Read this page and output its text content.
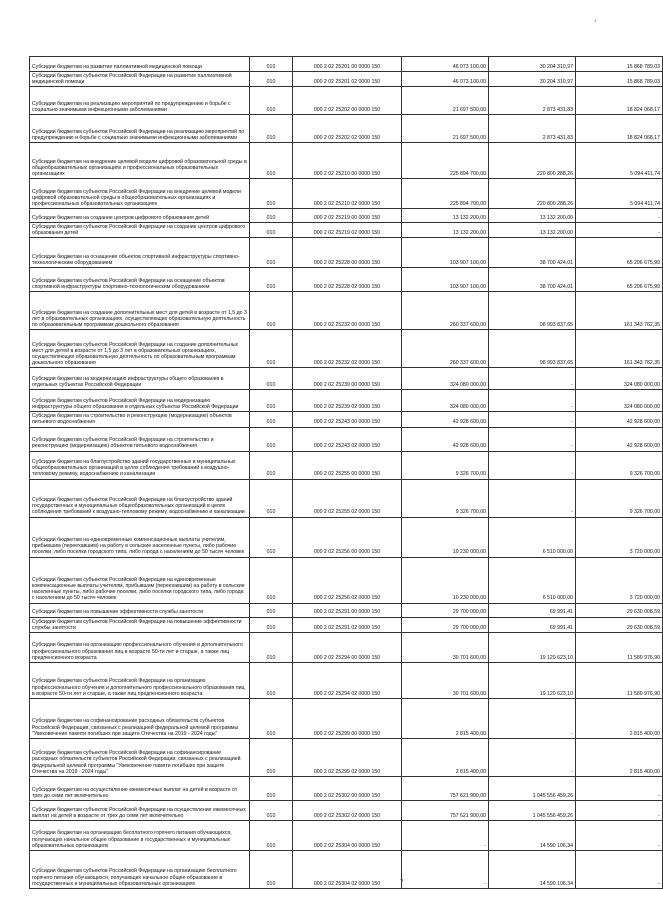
,
Субсидии бюджетам на развитие паллиативной медицинской помощи	010	000 2 02 25201 00 0000 150	46 073 100,00	30 204 310,97	15 868 789,03
Субсидии бюджетам субъектов Российской Федерации на развитие паллиативной медицинской помощи	010	000 2 02 25201 02 0000 150	46 073 100,00	30 204 310,97	15 868 789,03
Субсидии бюджетам на реализацию мероприятий по предупреждению и борьбе с социально значимыми инфекционными заболеваниями	010	000 2 02 25202 00 0000 150	21 697 500,00	2 873 431,83	18 824 068,17
Субсидии бюджетам субъектов Российской Федерации на реализацию мероприятий по предупреждению и борьбе с социально значимыми инфекционными заболеваниями	010	000 2 02 25202 02 0000 150	21 697 500,00	2 873 431,83	18 824 068,17
Субсидии бюджетам на внедрение целевой модели цифровой образовательной среды в общеобразовательных организациях и профессиональных образовательных организациях	010	000 2 02 25210 00 0000 150	225 894 700,00	220 800 288,26	5 094 411,74
Субсидии бюджетам субъектов Российской Федерации на внедрение целевой модели цифровой образовательной среды в общеобразовательных организациях и профессиональных образовательных организациях	010	000 2 02 25210 02 0000 150	225 894 700,00	220 800 288,26	5 094 411,74
Субсидии бюджетам на создание центров цифрового образования детей	010	000 2 02 25219 00 0000 150	13 132 200,00	13 132 200,00	-
Субсидии бюджетам субъектов Российской Федерации на создание центров цифрового образования детей	010	000 2 02 25219 02 0000 150	13 132 200,00	13 132 200,00	-
Субсидии бюджетам на оснащение объектов спортивной инфраструктуры спортивно-технологическим оборудованием	010	000 2 02 25228 00 0000 150	103 907 100,00	38 700 424,01	65 206 675,99
Субсидии бюджетам субъектов Российской Федерации на оснащение объектов спортивной инфраструктуры спортивно-технологическим оборудованием	010	000 2 02 25228 02 0000 150	103 907 100,00	38 700 424,01	65 206 675,99
Субсидии бюджетам на создание дополнительных мест для детей в возрасте от 1,5 до 3 лет в образовательных организациях, осуществляющих образовательную деятельность по образовательным программам дошкольного образования	010	000 2 02 25232 00 0000 150	260 337 600,00	98 993 837,65	161 343 762,35
Субсидии бюджетам субъектов Российской Федерации на создание дополнительных мест для детей в возрасте от 1,5 до 3 лет в образовательных организациях, осуществляющих образовательную деятельность по образовательным программам дошкольного образования	010	000 2 02 25232 02 0000 150	260 337 600,00	98 993 837,65	161 343 762,35
Субсидии бюджетам на модернизацию инфраструктуры общего образования в отдельных субъектах Российской Федерации	010	000 2 02 25239 00 0000 150	324 080 000,00	-	324 080 000,00
Субсидии бюджетам субъектов Российской Федерации на модернизацию инфраструктуры общего образования в отдельных субъектах Российской Федерации	010	000 2 02 25239 02 0000 150	324 080 000,00	-	324 080 000,00
Субсидии бюджетам на строительство и реконструкцию (модернизацию) объектов питьевого водоснабжения	010	000 2 02 25243 00 0000 150	42 928 600,00	-	42 928 600,00
Субсидии бюджетам субъектов Российской Федерации на строительство и реконструкцию (модернизацию) объектов питьевого водоснабжения	010	000 2 02 25243 02 0000 150	42 928 600,00	-	42 928 600,00
Субсидии бюджетам на благоустройство зданий государственных и муниципальных общеобразовательных организаций в целях соблюдения требований к воздушно-тепловому режиму, водоснабжению и канализации	010	000 2 02 25255 00 0000 150	9 326 700,00	-	9 326 700,00
Субсидии бюджетам субъектов Российской Федерации на благоустройство зданий государственных и муниципальных общеобразовательных организаций в целях соблюдения требований к воздушно-тепловому режиму, водоснабжению и канализации	010	000 2 02 25255 02 0000 150	9 326 700,00	-	9 326 700,00
Субсидии бюджетам на единовременные компенсационные выплаты учителям, прибывшим (переехавшим) на работу в сельские населенные пункты, либо рабочие поселки, либо поселки городского типа, либо города с населением до 50 тысяч человек	010	000 2 02 25256 00 0000 150	10 230 000,00	6 510 000,00	3 720 000,00
Субсидии бюджетам субъектов Российской Федерации на единовременные компенсационные выплаты учителям, прибывшим (переехавшим) на работу в сельские населенные пункты, либо рабочие поселки, либо поселки городского типа, либо города с населением до 50 тысяч человек	010	000 2 02 25256 02 0000 150	10 230 000,00	6 510 000,00	3 720 000,00
Субсидии бюджетам на повышение эффективности службы занятости	010	000 2 02 25291 00 0000 150	29 700 000,00	69 991,41	29 630 008,59
Субсидии бюджетам субъектов Российской Федерации на повышение эффективности службы занятости	010	000 2 02 25291 02 0000 150	29 700 000,00	69 991,41	29 630 008,59
Субсидии бюджетам на организацию профессионального обучения и дополнительного профессионального образования лиц в возрасте 50-ти лет и старше, а также лиц предпенсионного возраста	010	000 2 02 25294 00 0000 150	30 701 600,00	19 120 623,10	11 580 976,90
Субсидии бюджетам субъектов Российской Федерации на организацию профессионального обучения и дополнительного профессионального образования лиц в возрасте 50-ти лет и старше, а также лиц предпенсионного возраста	010	000 2 02 25294 02 0000 150	30 701 600,00	19 120 623,10	11 580 976,90
Субсидии бюджетам на софинансирование расходных обязательств субъектов Российской Федерации, связанных с реализацией федеральной целевой программы "Увековечение памяти погибших при защите Отечества на 2019 - 2024 годы"	010	000 2 02 25299 00 0000 150	2 815 400,00	-	2 815 400,00
Субсидии бюджетам субъектов Российской Федерации на софинансирование расходных обязательств субъектов Российской Федерации, связанных с реализацией федеральной целевой программы "Увековечение памяти погибших при защите Отечества на 2019 - 2024 годы"	010	000 2 02 25299 02 0000 150	2 815 400,00	-	2 815 400,00
Субсидии бюджетам на осуществление ежемесячных выплат на детей в возрасте от трех до семи лет включительно	010	000 2 02 25302 00 0000 150	757 621 900,00	1 045 556 459,26	-
Субсидии бюджетам субъектов Российской Федерации на осуществление ежемесячных выплат на детей в возрасте от трех до семи лет включительно	010	000 2 02 25302 02 0000 150	757 621 900,00	1 045 556 459,26	-
Субсидии бюджетам на организацию бесплатного горячего питания обучающихся, получающих начальное общее образование в государственных и муниципальных образовательных организациях	010	000 2 02 25304 00 0000 150	-	14 590 106,34	-
Субсидии бюджетам субъектов Российской Федерации на организацию бесплатного горячего питания обучающихся, получающих начальное общее образование в государственных и муниципальных образовательных организациях	010	000 2 02 25304 02 0000 150	-	14 590 106,34	-
7
